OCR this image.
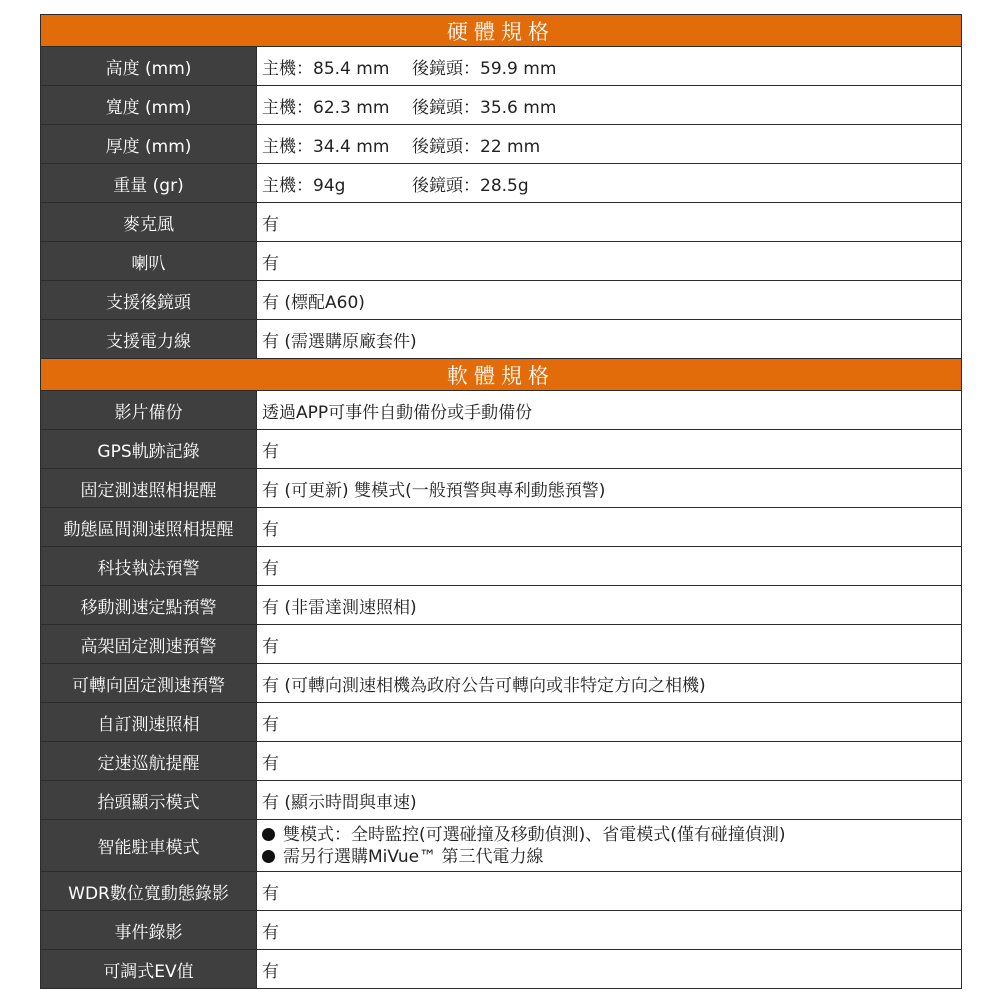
硬體規格	
高度 (mm)	主機：85.4 mm 後鏡頭：59.9 mm
寬度 (mm)	主機：62.3 mm 後鏡頭：35.6 mm
厚度 (mm)	主機：34.4 mm 後鏡頭：22 mm
重量 (gr)	主機：94g 後鏡頭：28.5g
麥克風	有
喇叭	有
支援後鏡頭	有 (標配A60)
支援電力線	有 (需選購原廠套件)
軟體規格	
影片備份	透過APP可事件自動備份或手動備份
GPS軌跡記錄	有
固定測速照相提醒	有 (可更新) 雙模式(一般預警與專利動態預警)
動態區間測速照相提醒	有
科技執法預警	有
移動測速定點預警	有 (非雷達測速照相)
高架固定測速預警	有
可轉向固定測速預警	有 (可轉向測速相機為政府公告可轉向或非特定方向之相機)
自訂測速照相	有
定速巡航提醒	有
抬頭顯示模式	有 (顯示時間與車速)
智能駐車模式	雙模式：全時監控(可選碰撞及移動偵測)、省電模式(僅有碰撞偵測)
需另行選購MiVue™ 第三代電力線

WDR數位寬動態錄影	有
事件錄影	有
可調式EV值	有
